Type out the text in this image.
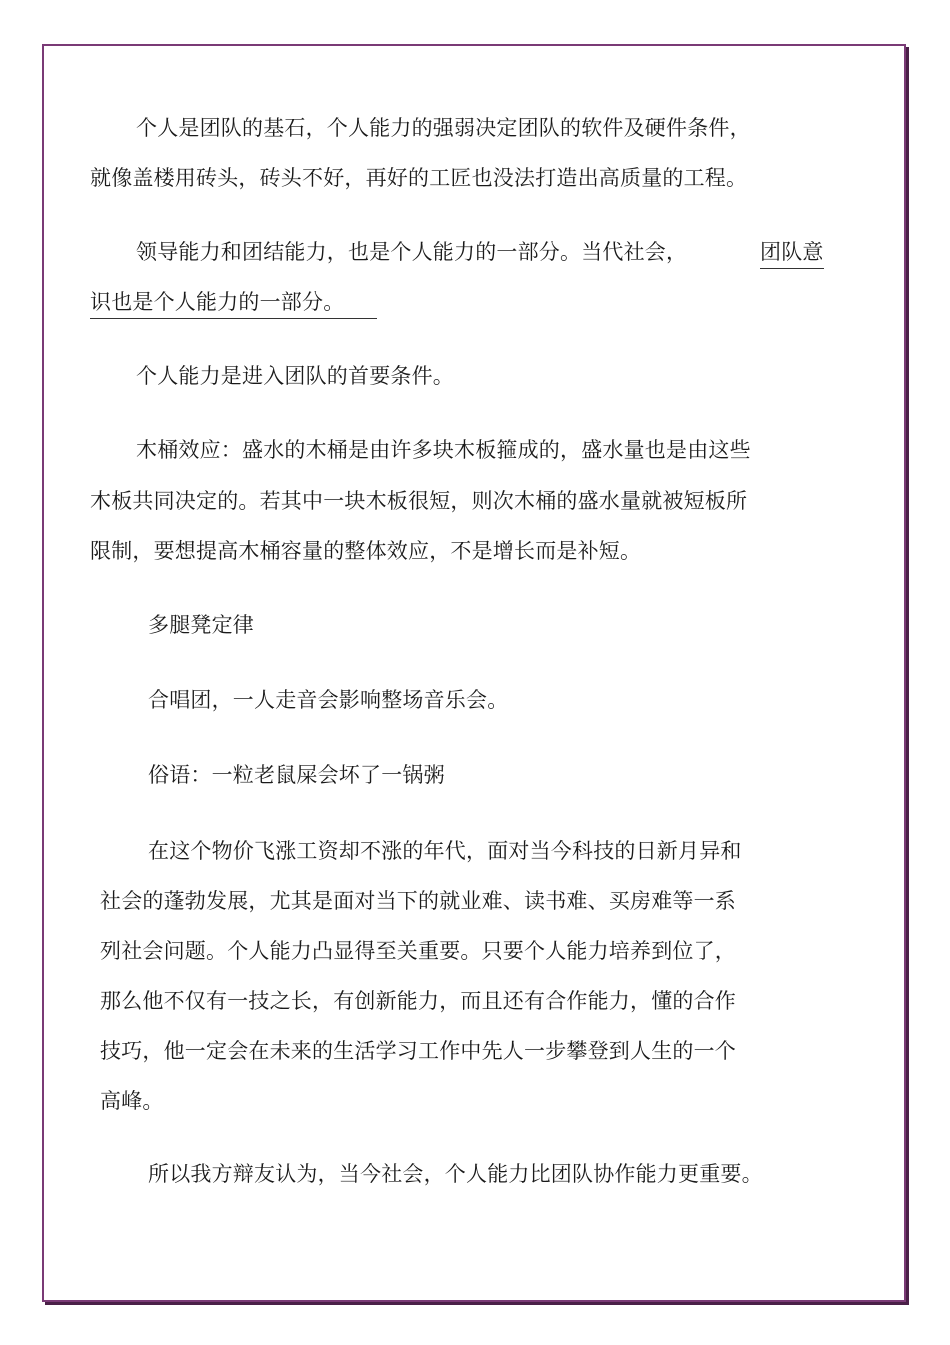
个人是团队的基石，个人能力的强弱决定团队的软件及硬件条件，
就像盖楼用砖头，砖头不好，再好的工匠也没法打造出高质量的工程。
领导能力和团结能力，也是个人能力的一部分。当代社会，	团队意
识也是个人能力的一部分。
个人能力是进入团队的首要条件。
木桶效应：盛水的木桶是由许多块木板箍成的，盛水量也是由这些
木板共同决定的。若其中一块木板很短，则次木桶的盛水量就被短板所
限制，要想提高木桶容量的整体效应，不是增长而是补短。
多腿凳定律
合唱团，一人走音会影响整场音乐会。
俗语：一粒老鼠屎会坏了一锅粥
在这个物价飞涨工资却不涨的年代，面对当今科技的日新月异和
社会的蓬勃发展，尤其是面对当下的就业难、读书难、买房难等一系
列社会问题。个人能力凸显得至关重要。只要个人能力培养到位了，
那么他不仅有一技之长，有创新能力，而且还有合作能力，懂的合作
技巧，他一定会在未来的生活学习工作中先人一步攀登到人生的一个
高峰。
所以我方辩友认为，当今社会，个人能力比团队协作能力更重要。
